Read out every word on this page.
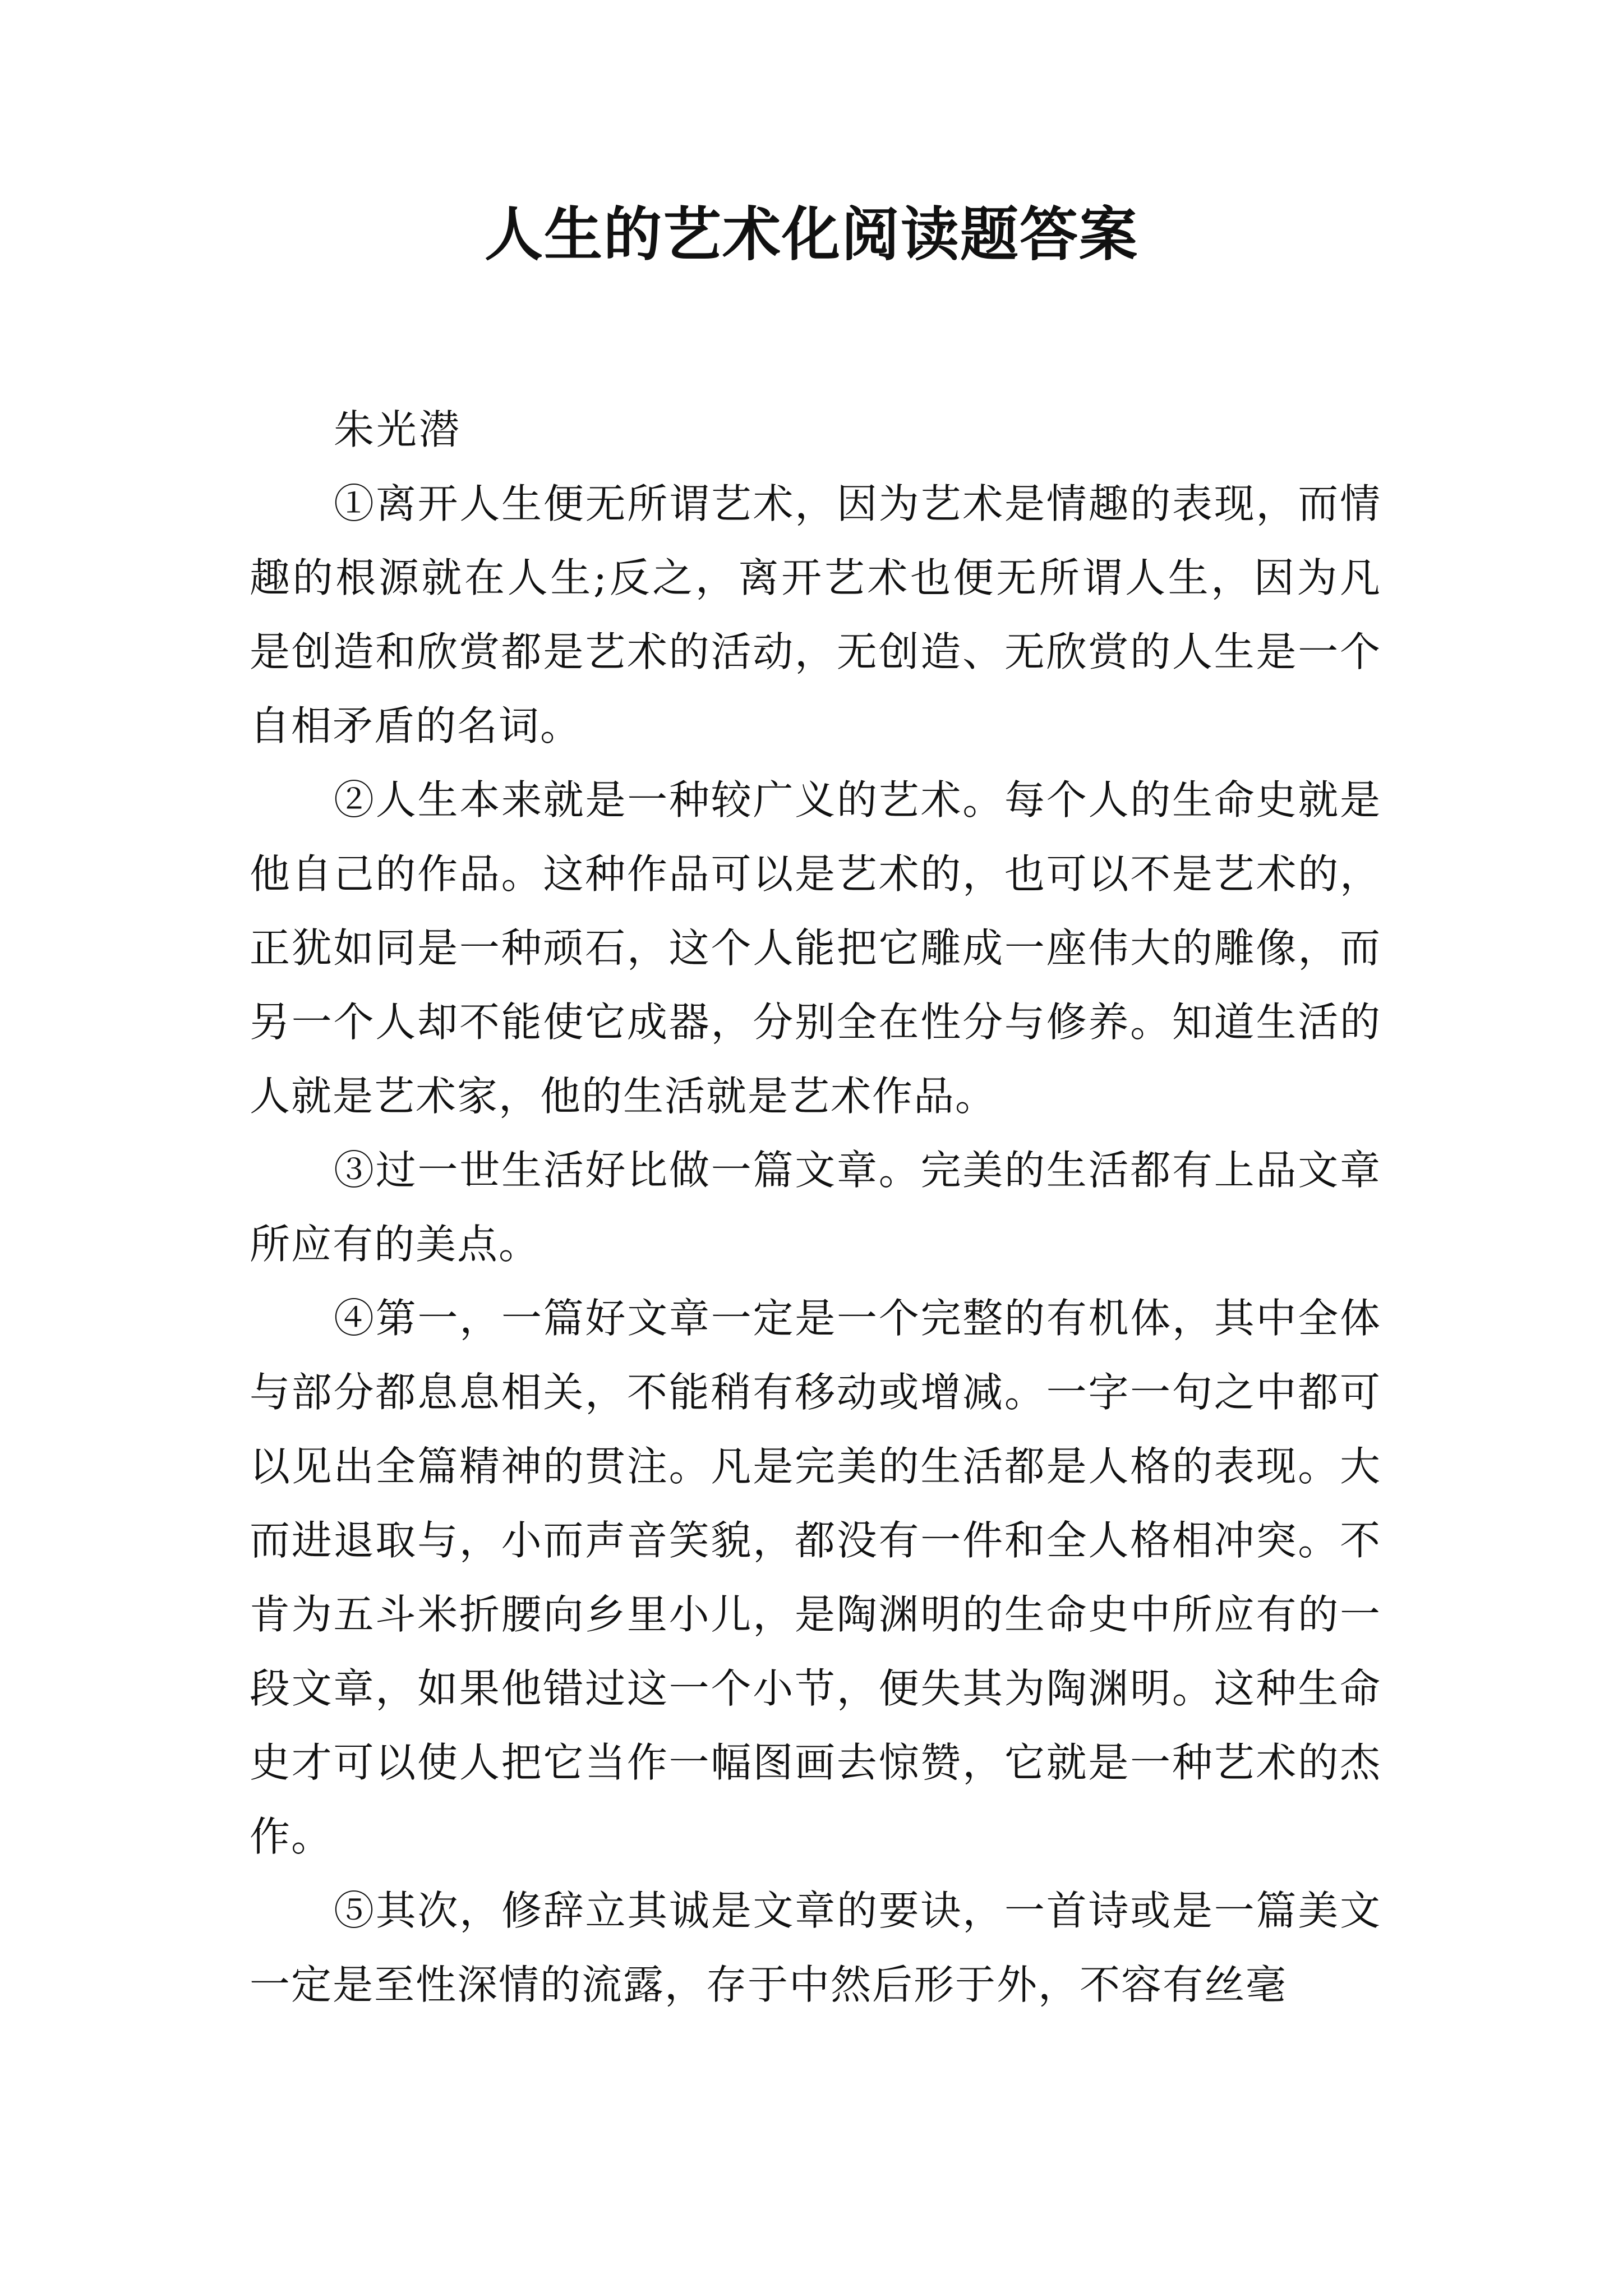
人生的艺术化阅读题答案

朱光潜

①离开人生便无所谓艺术，因为艺术是情趣的表现，而情趣的根源就在人生;反之，离开艺术也便无所谓人生，因为凡是创造和欣赏都是艺术的活动，无创造、无欣赏的人生是一个自相矛盾的名词。

②人生本来就是一种较广义的艺术。每个人的生命史就是他自己的作品。这种作品可以是艺术的，也可以不是艺术的，正犹如同是一种顽石，这个人能把它雕成一座伟大的雕像，而另一个人却不能使它成器，分别全在性分与修养。知道生活的人就是艺术家，他的生活就是艺术作品。

③过一世生活好比做一篇文章。完美的生活都有上品文章所应有的美点。

④第一，一篇好文章一定是一个完整的有机体，其中全体与部分都息息相关，不能稍有移动或增减。一字一句之中都可以见出全篇精神的贯注。凡是完美的生活都是人格的表现。大而进退取与，小而声音笑貌，都没有一件和全人格相冲突。不肯为五斗米折腰向乡里小儿，是陶渊明的生命史中所应有的一段文章，如果他错过这一个小节，便失其为陶渊明。这种生命史才可以使人把它当作一幅图画去惊赞，它就是一种艺术的杰作。

⑤其次，修辞立其诚是文章的要诀，一首诗或是一篇美文一定是至性深情的流露，存于中然后形于外，不容有丝毫
